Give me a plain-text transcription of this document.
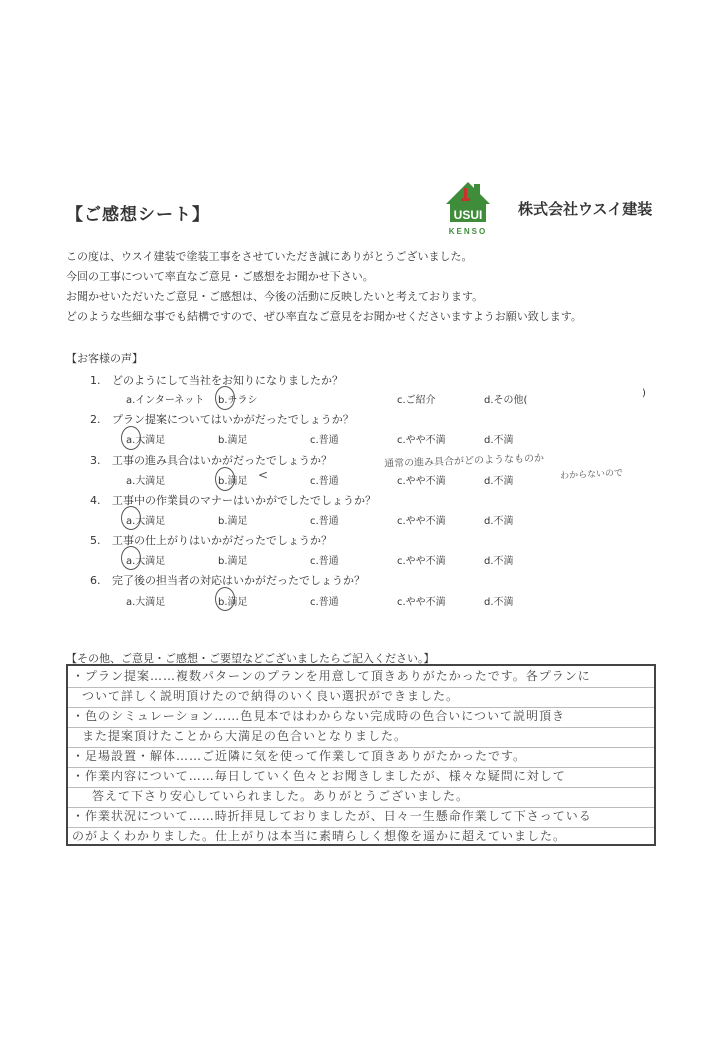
【ご感想シート】	USUI
KENSO
株式会社ウスイ建装
この度は、ウスイ建装で塗装工事をさせていただき誠にありがとうございました。
今回の工事について率直なご意見・ご感想をお聞かせ下さい。
お聞かせいただいたご意見・ご感想は、今後の活動に反映したいと考えております。
どのような些細な事でも結構ですので、ぜひ率直なご意見をお聞かせくださいますようお願い致します。
【お客様の声】
1. どのようにして当社をお知りになりましたか？
a.インターネット b.チラシ	c.ご紹介	d.その他(
)
2. プラン提案についてはいかがだったでしょうか？
a.大満足	b.満足	c.普通	c.やや不満	d.不満
3. 工事の進み具合はいかがだったでしょうか？	通常の進み具合がどのようなものか
わからないので
a.大満足	b.満足 <	c.普通	c.やや不満	d.不満
4. 工事中の作業員のマナーはいかがでしたでしょうか？
a.大満足	b.満足	c.普通	c.やや不満	d.不満
5. 工事の仕上がりはいかがだったでしょうか？
a.大満足	b.満足	c.普通	c.やや不満	d.不満
6. 完了後の担当者の対応はいかがだったでしょうか？
a.大満足	b.満足	c.普通	c.やや不満	d.不満
【その他、ご意見・ご感想・ご要望などございましたらご記入ください。】
・プラン提案……複数パターンのプランを用意して頂きありがたかったです。各プランに
ついて詳しく説明頂けたので納得のいく良い選択ができました。
・色のシミュレーション……色見本ではわからない完成時の色合いについて説明頂き
また提案頂けたことから大満足の色合いとなりました。
・足場設置・解体……ご近隣に気を使って作業して頂きありがたかったです。
・作業内容について……毎日していく色々とお聞きしましたが、様々な疑問に対して
答えて下さり安心していられました。ありがとうございました。
・作業状況について……時折拝見しておりましたが、日々一生懸命作業して下さっている
のがよくわかりました。仕上がりは本当に素晴らしく想像を遥かに超えていました。
